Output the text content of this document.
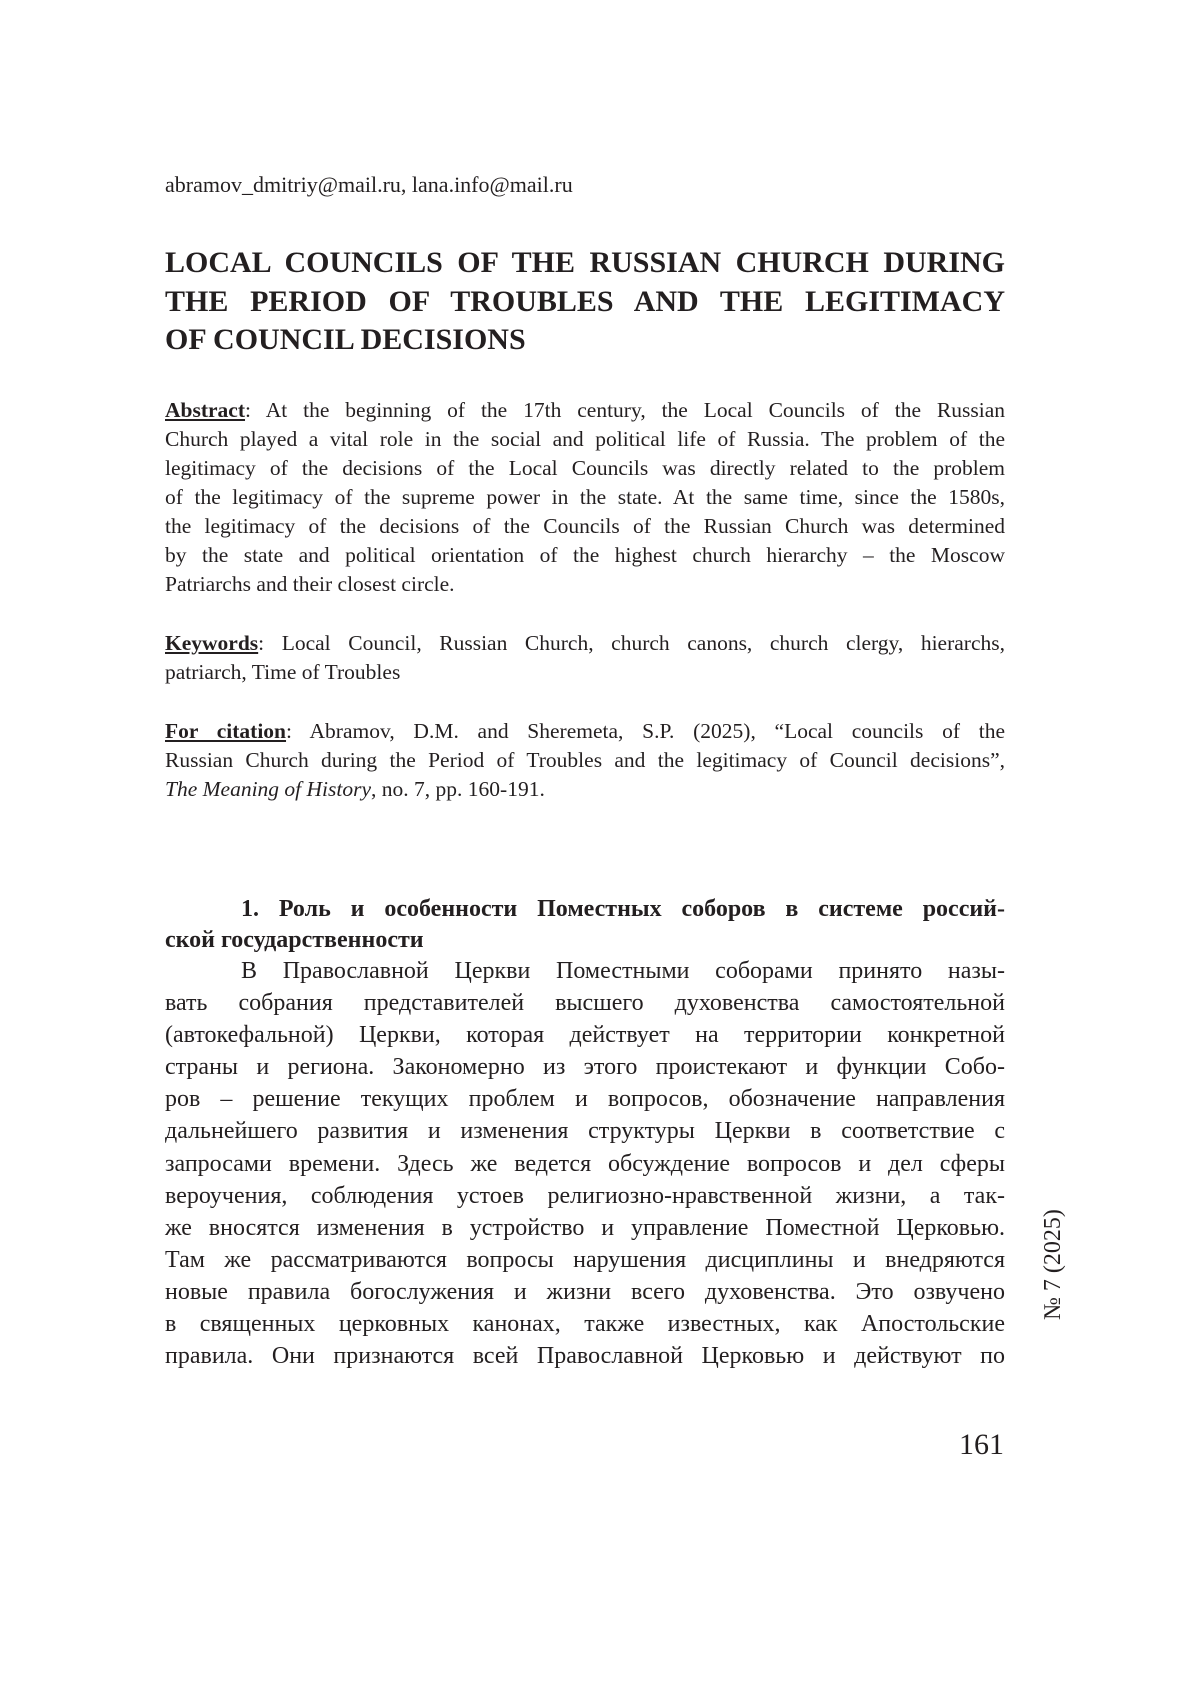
abramov_dmitriy@mail.ru, lana.info@mail.ru
LOCAL COUNCILS OF THE RUSSIAN CHURCH DURING
THE PERIOD OF TROUBLES AND THE LEGITIMACY
OF COUNCIL DECISIONS
Abstract: At the beginning of the 17th century, the Local Councils of the Russian
Church played a vital role in the social and political life of Russia. The problem of the
legitimacy of the decisions of the Local Councils was directly related to the problem
of the legitimacy of the supreme power in the state. At the same time, since the 1580s,
the legitimacy of the decisions of the Councils of the Russian Church was determined
by the state and political orientation of the highest church hierarchy – the Moscow
Patriarchs and their closest circle.
Keywords: Local Council, Russian Church, church canons, church clergy, hierarchs,
patriarch, Time of Troubles
For citation: Abramov, D.M. and Sheremeta, S.P. (2025), “Local councils of the
Russian Church during the Period of Troubles and the legitimacy of Council decisions”,
The Meaning of History, no. 7, pp. 160-191.
1. Роль и особенности Поместных соборов в системе россий-
ской государственности
В Православной Церкви Поместными соборами принято назы-
вать собрания представителей высшего духовенства самостоятельной
(автокефальной) Церкви, которая действует на территории конкретной
страны и региона. Закономерно из этого проистекают и функции Собо-
ров – решение текущих проблем и вопросов, обозначение направления
дальнейшего развития и изменения структуры Церкви в соответствие с
запросами времени. Здесь же ведется обсуждение вопросов и дел сферы
вероучения, соблюдения устоев религиозно-нравственной жизни, а так-
же вносятся изменения в устройство и управление Поместной Церковью.
Там же рассматриваются вопросы нарушения дисциплины и внедряются
новые правила богослужения и жизни всего духовенства. Это озвучено
в священных церковных канонах, также известных, как Апостольские
правила. Они признаются всей Православной Церковью и действуют по
№ 7 (2025)
161
